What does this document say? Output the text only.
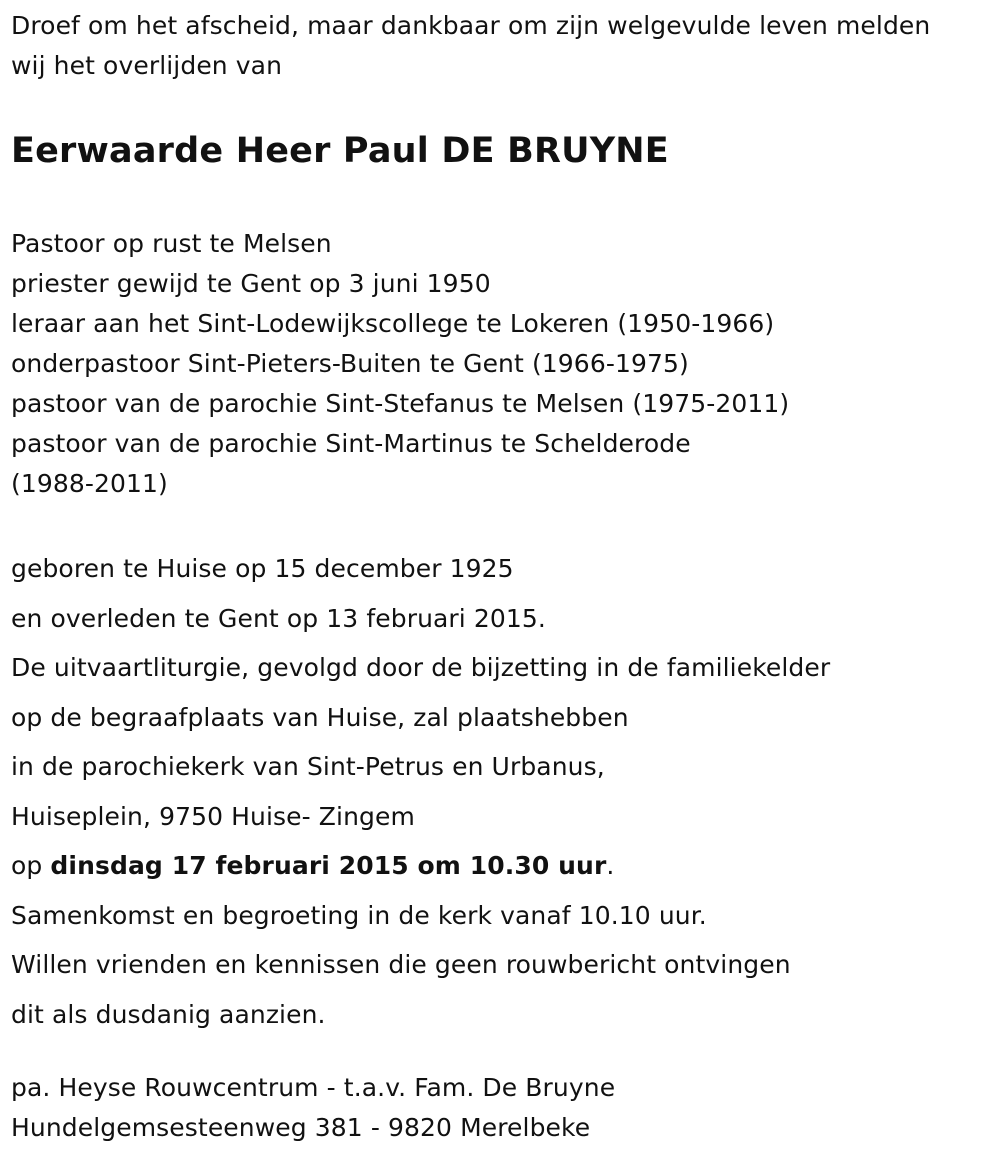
Droef om het afscheid, maar dankbaar om zijn welgevulde leven melden
wij het overlijden van
Eerwaarde Heer Paul DE BRUYNE
Pastoor op rust te Melsen
priester gewijd te Gent op 3 juni 1950
leraar aan het Sint-Lodewijkscollege te Lokeren (1950-1966)
onderpastoor Sint-Pieters-Buiten te Gent (1966-1975)
pastoor van de parochie Sint-Stefanus te Melsen (1975-2011)
pastoor van de parochie Sint-Martinus te Schelderode
(1988-2011)
geboren te Huise op 15 december 1925
en overleden te Gent op 13 februari 2015.
De uitvaartliturgie, gevolgd door de bijzetting in de familiekelder
op de begraafplaats van Huise, zal plaatshebben
in de parochiekerk van Sint-Petrus en Urbanus,
Huiseplein, 9750 Huise- Zingem
op dinsdag 17 februari 2015 om 10.30 uur.
Samenkomst en begroeting in de kerk vanaf 10.10 uur.
Willen vrienden en kennissen die geen rouwbericht ontvingen
dit als dusdanig aanzien.
pa. Heyse Rouwcentrum - t.a.v. Fam. De Bruyne
Hundelgemsesteenweg 381 - 9820 Merelbeke
